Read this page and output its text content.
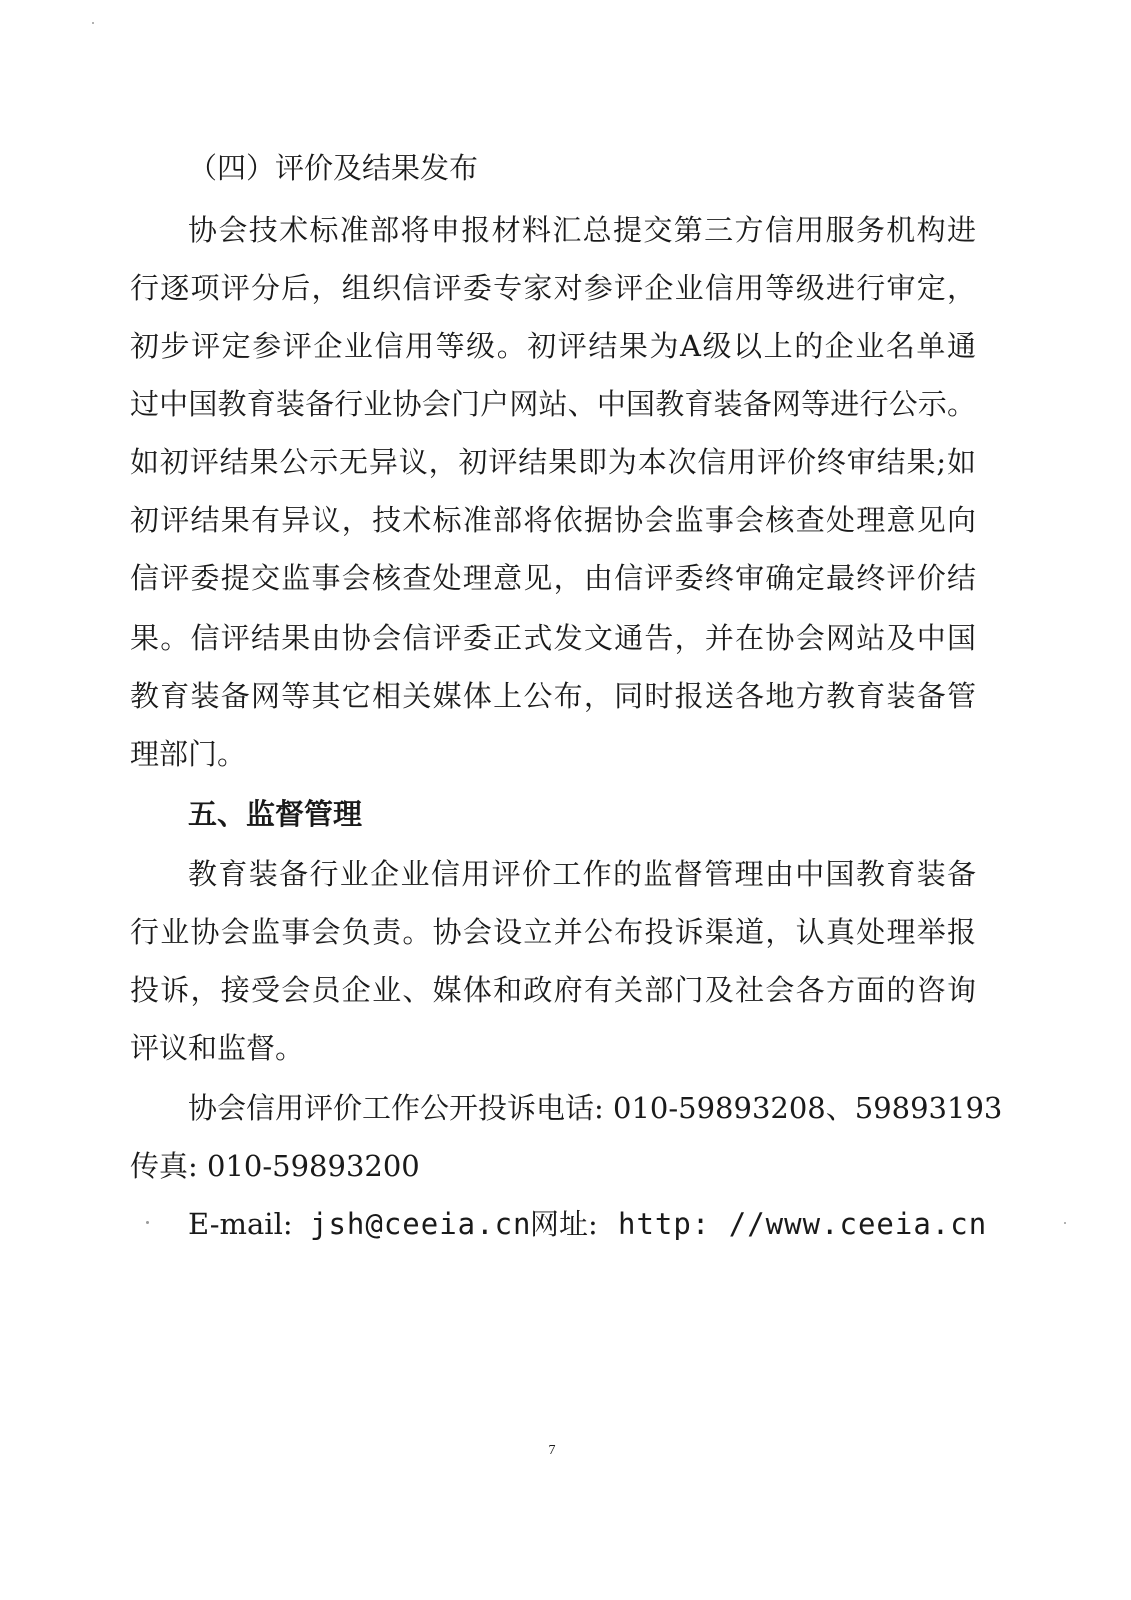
（四）评价及结果发布
协会技术标准部将申报材料汇总提交第三方信用服务机构进
行逐项评分后，组织信评委专家对参评企业信用等级进行审定，
初步评定参评企业信用等级。初评结果为A级以上的企业名单通
过中国教育装备行业协会门户网站、中国教育装备网等进行公示。
如初评结果公示无异议，初评结果即为本次信用评价终审结果;如
初评结果有异议，技术标准部将依据协会监事会核查处理意见向
信评委提交监事会核查处理意见，由信评委终审确定最终评价结
果。信评结果由协会信评委正式发文通告，并在协会网站及中国
教育装备网等其它相关媒体上公布，同时报送各地方教育装备管
理部门。
五、监督管理
教育装备行业企业信用评价工作的监督管理由中国教育装备
行业协会监事会负责。协会设立并公布投诉渠道，认真处理举报
投诉，接受会员企业、媒体和政府有关部门及社会各方面的咨询
评议和监督。
协会信用评价工作公开投诉电话: 010-59893208、59893193
传真: 010-59893200
E-mail: jsh@ceeia.cn
网址: http: //www.ceeia.cn
7
